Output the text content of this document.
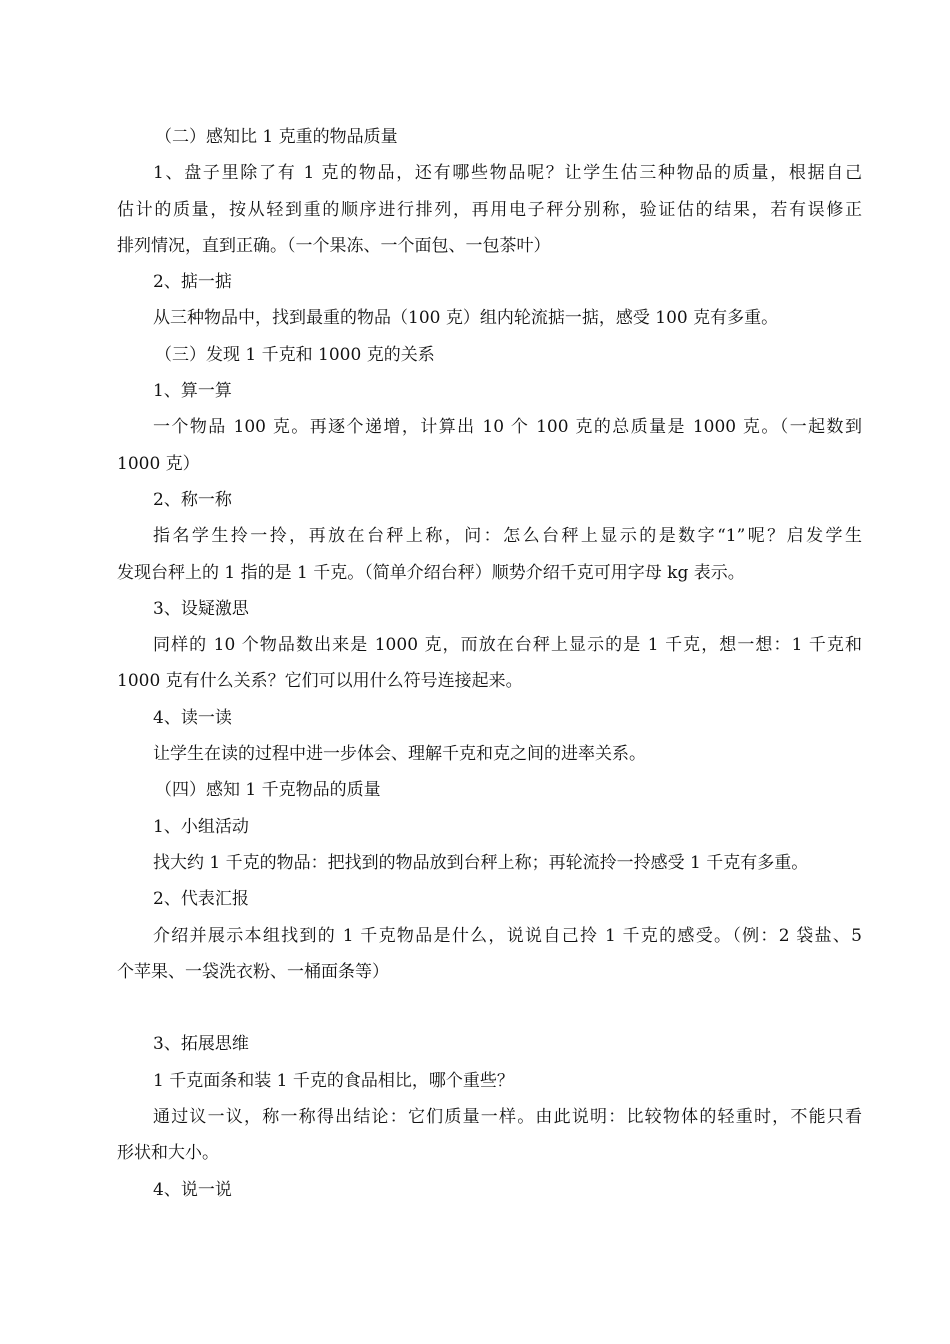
（二）感知比 1 克重的物品质量

1、盘子里除了有 1 克的物品，还有哪些物品呢？让学生估三种物品的质量，根据自己

估计的质量，按从轻到重的顺序进行排列，再用电子秤分别称，验证估的结果，若有误修正

排列情况，直到正确。（一个果冻、一个面包、一包茶叶）

2、掂一掂

从三种物品中，找到最重的物品（100 克）组内轮流掂一掂，感受 100 克有多重。

（三）发现 1 千克和 1000 克的关系

1、算一算

一个物品 100 克。再逐个递增，计算出 10 个 100 克的总质量是 1000 克。（一起数到

1000 克）

2、称一称

指名学生拎一拎，再放在台秤上称，问：怎么台秤上显示的是数字“1”呢？启发学生

发现台秤上的 1 指的是 1 千克。（简单介绍台秤）顺势介绍千克可用字母 kg 表示。

3、设疑激思

同样的 10 个物品数出来是 1000 克，而放在台秤上显示的是 1 千克，想一想：1 千克和

1000 克有什么关系？它们可以用什么符号连接起来。

4、读一读

让学生在读的过程中进一步体会、理解千克和克之间的进率关系。

（四）感知 1 千克物品的质量

1、小组活动

找大约 1 千克的物品：把找到的物品放到台秤上称；再轮流拎一拎感受 1 千克有多重。

2、代表汇报

介绍并展示本组找到的 1 千克物品是什么，说说自己拎 1 千克的感受。（例：2 袋盐、5

个苹果、一袋洗衣粉、一桶面条等）

3、拓展思维

1 千克面条和装 1 千克的食品相比，哪个重些？

通过议一议，称一称得出结论：它们质量一样。由此说明：比较物体的轻重时，不能只看

形状和大小。

4、说一说
